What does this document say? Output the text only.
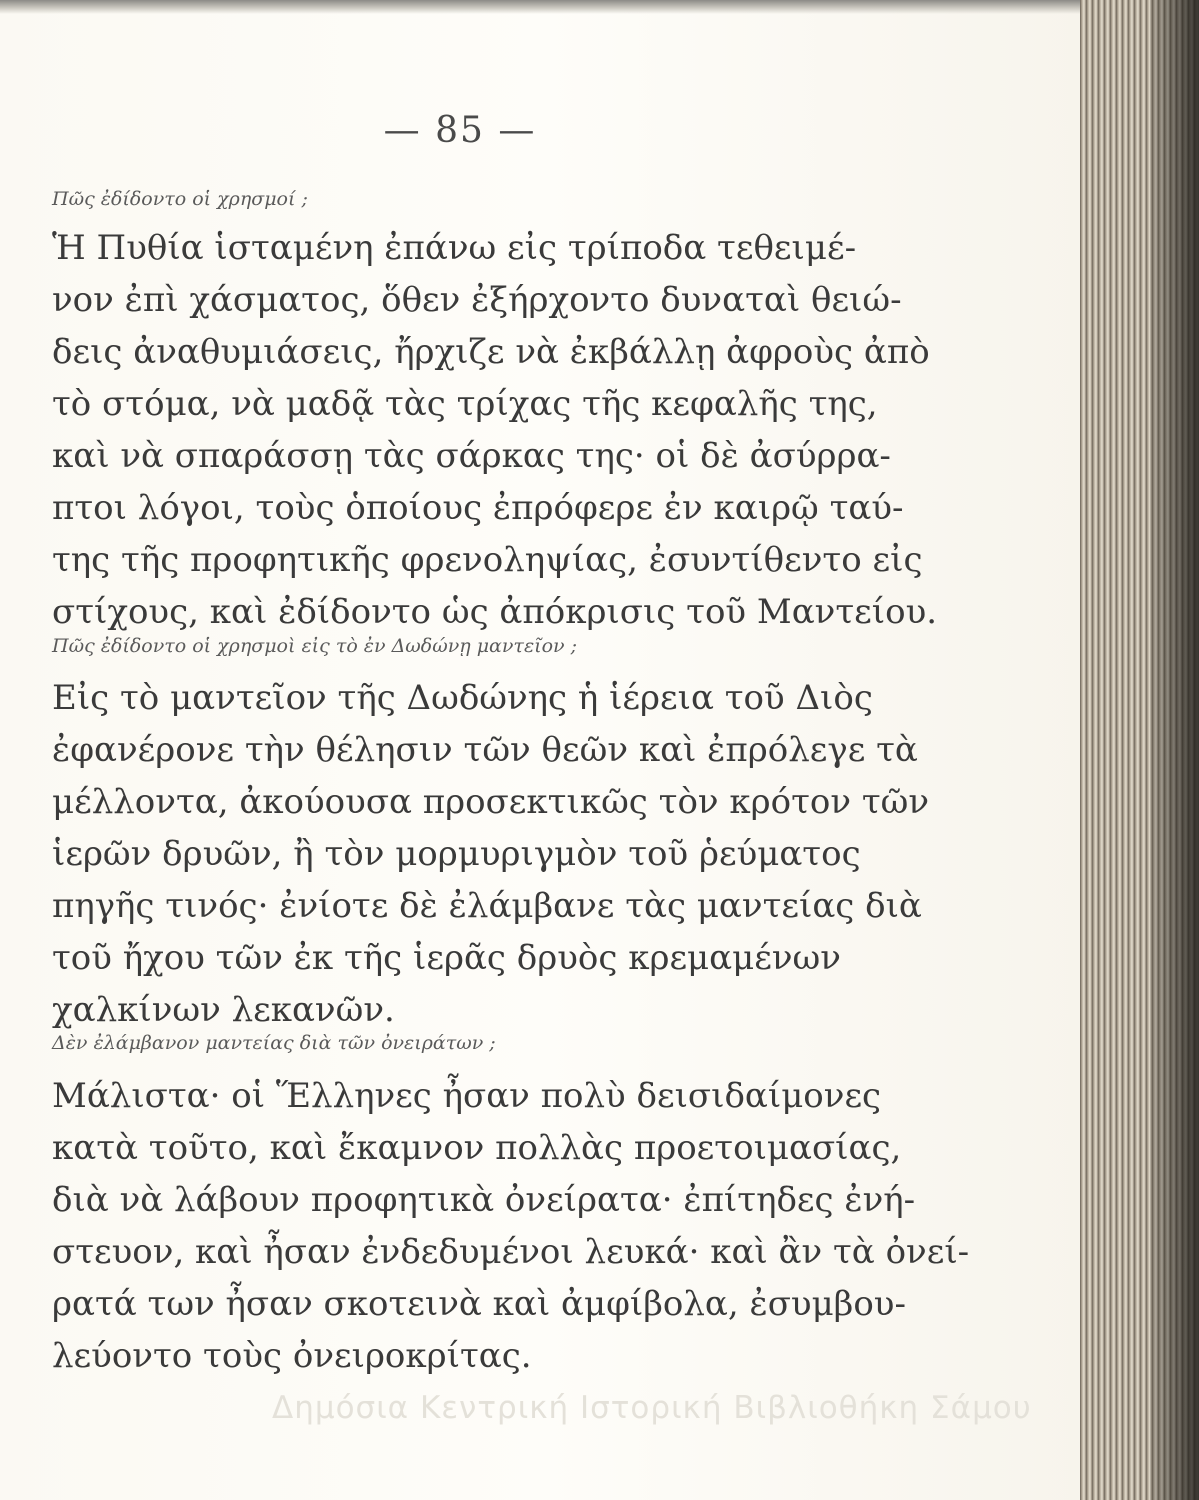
— 85 —
Πῶς ἐδίδοντο οἱ χρησμοί ;
Ἡ Πυθία ἱσταμένη ἐπάνω εἰς τρίποδα τεθειμέ-
νον ἐπὶ χάσματος, ὅθεν ἐξήρχοντο δυναταὶ θειώ-
δεις ἀναθυμιάσεις, ἤρχιζε νὰ ἐκβάλλῃ ἀφροὺς ἀπὸ
τὸ στόμα, νὰ μαδᾷ τὰς τρίχας τῆς κεφαλῆς της,
καὶ νὰ σπαράσσῃ τὰς σάρκας της· οἱ δὲ ἀσύρρα-
πτοι λόγοι, τοὺς ὁποίους ἐπρόφερε ἐν καιρῷ ταύ-
της τῆς προφητικῆς φρενοληψίας, ἐσυντίθεντο εἰς
στίχους, καὶ ἐδίδοντο ὡς ἀπόκρισις τοῦ Μαντείου.
Πῶς ἐδίδοντο οἱ χρησμοὶ εἰς τὸ ἐν Δωδώνῃ μαντεῖον ;
Εἰς τὸ μαντεῖον τῆς Δωδώνης ἡ ἱέρεια τοῦ Διὸς
ἐφανέρονε τὴν θέλησιν τῶν θεῶν καὶ ἐπρόλεγε τὰ
μέλλοντα, ἀκούουσα προσεκτικῶς τὸν κρότον τῶν
ἱερῶν δρυῶν, ἢ τὸν μορμυριγμὸν τοῦ ῥεύματος
πηγῆς τινός· ἐνίοτε δὲ ἐλάμβανε τὰς μαντείας διὰ
τοῦ ἤχου τῶν ἐκ τῆς ἱερᾶς δρυὸς κρεμαμένων
χαλκίνων λεκανῶν.
Δὲν ἐλάμβανον μαντείας διὰ τῶν ὀνειράτων ;
Μάλιστα· οἱ Ἕλληνες ἦσαν πολὺ δεισιδαίμονες
κατὰ τοῦτο, καὶ ἔκαμνον πολλὰς προετοιμασίας,
διὰ νὰ λάβουν προφητικὰ ὀνείρατα· ἐπίτηδες ἐνή-
στευον, καὶ ἦσαν ἐνδεδυμένοι λευκά· καὶ ἂν τὰ ὀνεί-
ρατά των ἦσαν σκοτεινὰ καὶ ἀμφίβολα, ἐσυμβου-
λεύοντο τοὺς ὀνειροκρίτας.
Δημόσια Κεντρική Ιστορική Βιβλιοθήκη Σάμου
